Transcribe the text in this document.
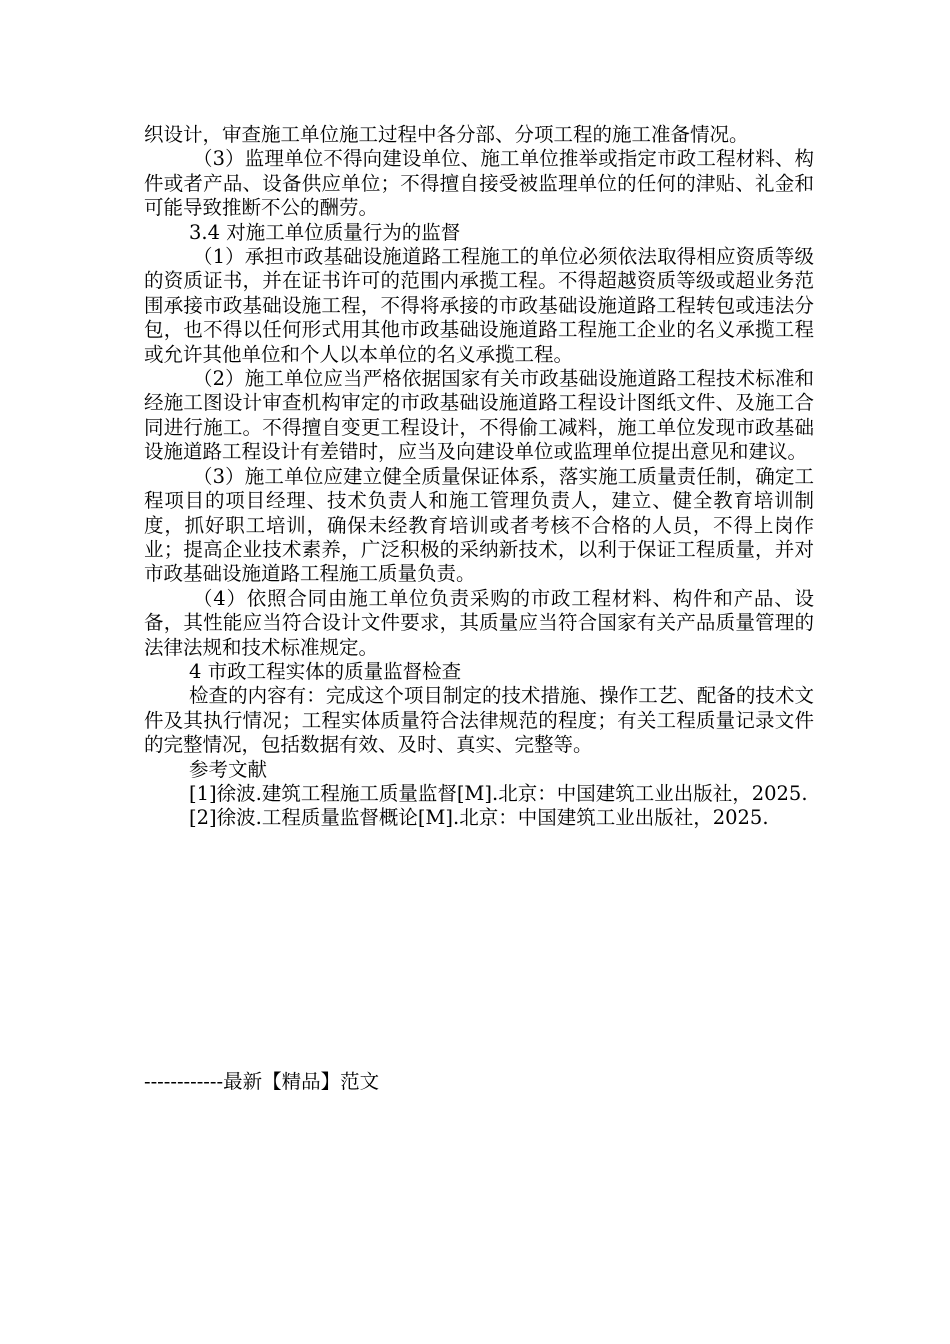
织设计，审查施工单位施工过程中各分部、分项工程的施工准备情况。

（3）监理单位不得向建设单位、施工单位推举或指定市政工程材料、构件或者产品、设备供应单位；不得擅自接受被监理单位的任何的津贴、礼金和可能导致推断不公的酬劳。

3.4 对施工单位质量行为的监督

（1）承担市政基础设施道路工程施工的单位必须依法取得相应资质等级的资质证书，并在证书许可的范围内承揽工程。不得超越资质等级或超业务范围承接市政基础设施工程，不得将承接的市政基础设施道路工程转包或违法分包，也不得以任何形式用其他市政基础设施道路工程施工企业的名义承揽工程或允许其他单位和个人以本单位的名义承揽工程。

（2）施工单位应当严格依据国家有关市政基础设施道路工程技术标准和经施工图设计审查机构审定的市政基础设施道路工程设计图纸文件、及施工合同进行施工。不得擅自变更工程设计，不得偷工减料，施工单位发现市政基础设施道路工程设计有差错时，应当及向建设单位或监理单位提出意见和建议。

（3）施工单位应建立健全质量保证体系，落实施工质量责任制，确定工程项目的项目经理、技术负责人和施工管理负责人，建立、健全教育培训制度，抓好职工培训，确保未经教育培训或者考核不合格的人员，不得上岗作业；提高企业技术素养，广泛积极的采纳新技术，以利于保证工程质量，并对市政基础设施道路工程施工质量负责。

（4）依照合同由施工单位负责采购的市政工程材料、构件和产品、设备，其性能应当符合设计文件要求，其质量应当符合国家有关产品质量管理的法律法规和技术标准规定。

4 市政工程实体的质量监督检查

检查的内容有：完成这个项目制定的技术措施、操作工艺、配备的技术文件及其执行情况；工程实体质量符合法律规范的程度；有关工程质量记录文件的完整情况，包括数据有效、及时、真实、完整等。

参考文献

[1]徐波.建筑工程施工质量监督[M].北京：中国建筑工业出版社，2025.

[2]徐波.工程质量监督概论[M].北京：中国建筑工业出版社，2025.

------------最新【精品】范文
